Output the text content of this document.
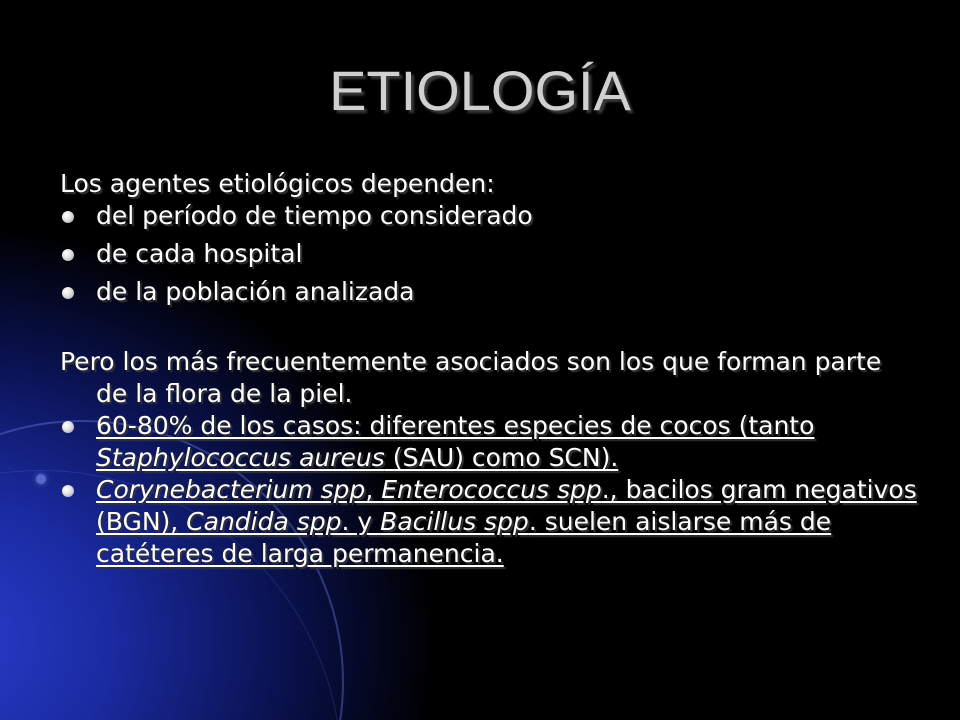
ETIOLOGÍA

Los agentes etiológicos dependen:

del período de tiempo considerado
de cada hospital
de la población analizada

Pero los más frecuentemente asociados son los que forman parte de la flora de la piel.

60-80% de los casos: diferentes especies de cocos (tanto Staphylococcus aureus (SAU) como SCN).
Corynebacterium spp, Enterococcus spp., bacilos gram negativos (BGN), Candida spp. y Bacillus spp. suelen aislarse más de catéteres de larga permanencia.
